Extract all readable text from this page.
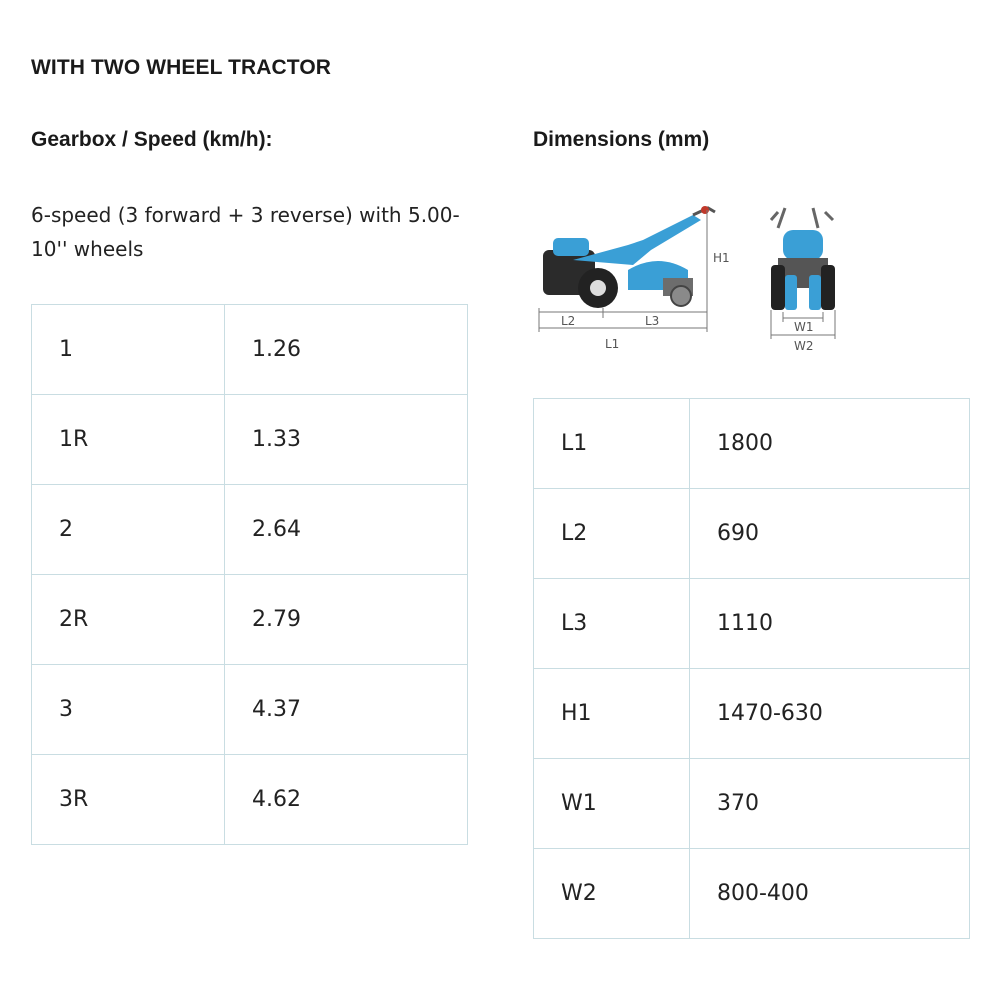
WITH TWO WHEEL TRACTOR
Gearbox / Speed (km/h):	Dimensions (mm)

6-speed (3 forward + 3 reverse) with 5.00-10'' wheels

1	1.26
1R	1.33
2	2.64
2R	2.79
3	4.37
3R	4.62
H1
L2	L3
L1
W1
W2
L1	1800
L2	690
L3	1110
H1	1470-630
W1	370
W2	800-400
